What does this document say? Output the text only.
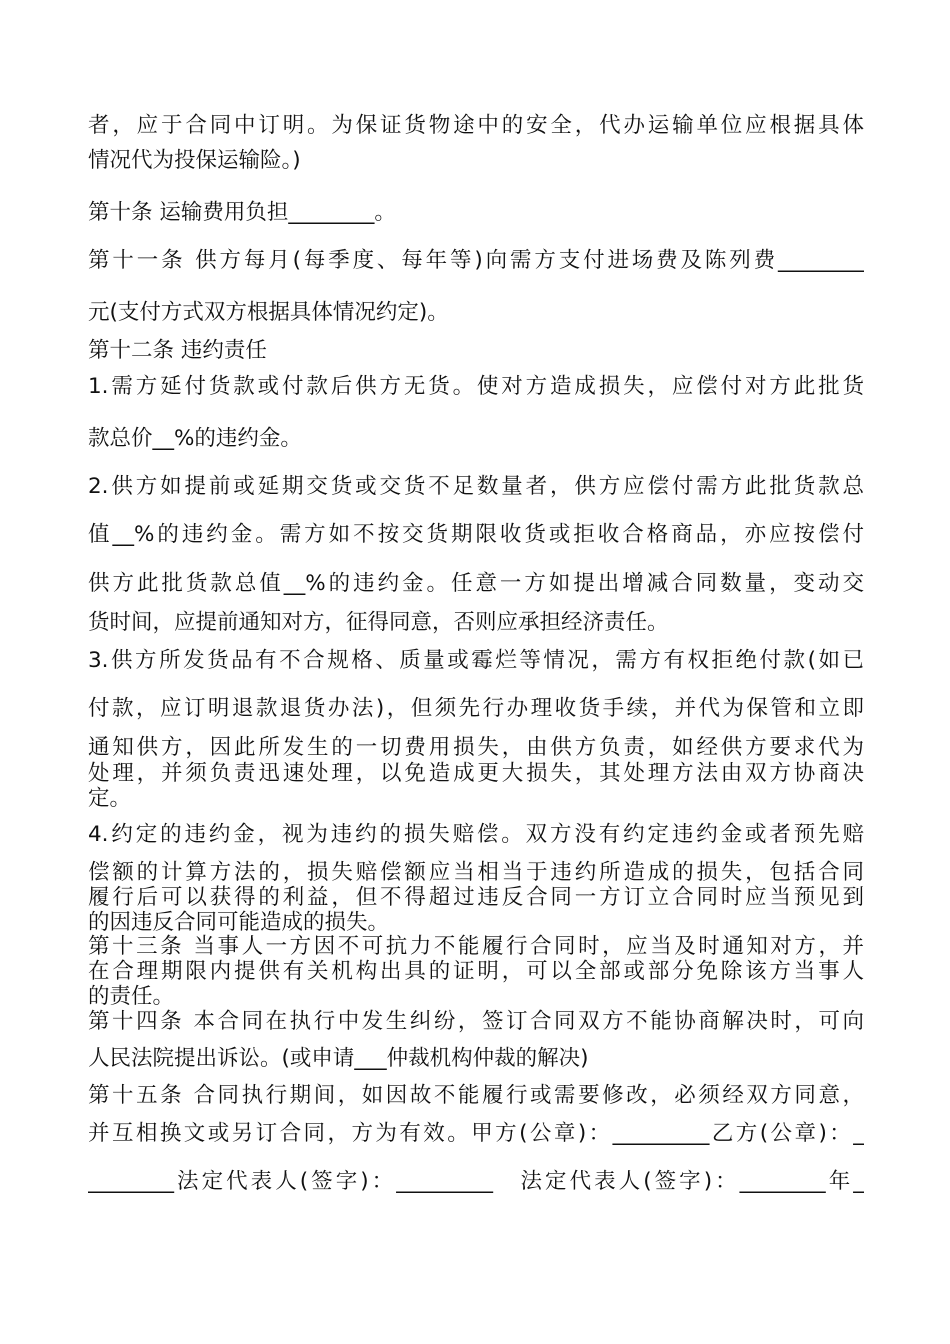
者，应于合同中订明。为保证货物途中的安全，代办运输单位应根据具体
情况代为投保运输险。)
第十条 运输费用负担________。
第十一条 供方每月(每季度、每年等)向需方支付进场费及陈列费________
元(支付方式双方根据具体情况约定)。
第十二条 违约责任
1.需方延付货款或付款后供方无货。使对方造成损失，应偿付对方此批货
款总价__%的违约金。
2.供方如提前或延期交货或交货不足数量者，供方应偿付需方此批货款总
值__%的违约金。需方如不按交货期限收货或拒收合格商品，亦应按偿付
供方此批货款总值__%的违约金。任意一方如提出增减合同数量，变动交
货时间，应提前通知对方，征得同意，否则应承担经济责任。
3.供方所发货品有不合规格、质量或霉烂等情况，需方有权拒绝付款(如已
付款，应订明退款退货办法)，但须先行办理收货手续，并代为保管和立即
通知供方，因此所发生的一切费用损失，由供方负责，如经供方要求代为
处理，并须负责迅速处理，以免造成更大损失，其处理方法由双方协商决
定。
4.约定的违约金，视为违约的损失赔偿。双方没有约定违约金或者预先赔
偿额的计算方法的，损失赔偿额应当相当于违约所造成的损失，包括合同
履行后可以获得的利益，但不得超过违反合同一方订立合同时应当预见到
的因违反合同可能造成的损失。
第十三条 当事人一方因不可抗力不能履行合同时，应当及时通知对方，并
在合理期限内提供有关机构出具的证明，可以全部或部分免除该方当事人
的责任。
第十四条 本合同在执行中发生纠纷，签订合同双方不能协商解决时，可向
人民法院提出诉讼。(或申请___仲裁机构仲裁的解决)
第十五条 合同执行期间，如因故不能履行或需要修改，必须经双方同意，
并互相换文或另订合同，方为有效。甲方(公章)：_________乙方(公章)：_
________法定代表人(签字)：_________　法定代表人(签字)：________年_
